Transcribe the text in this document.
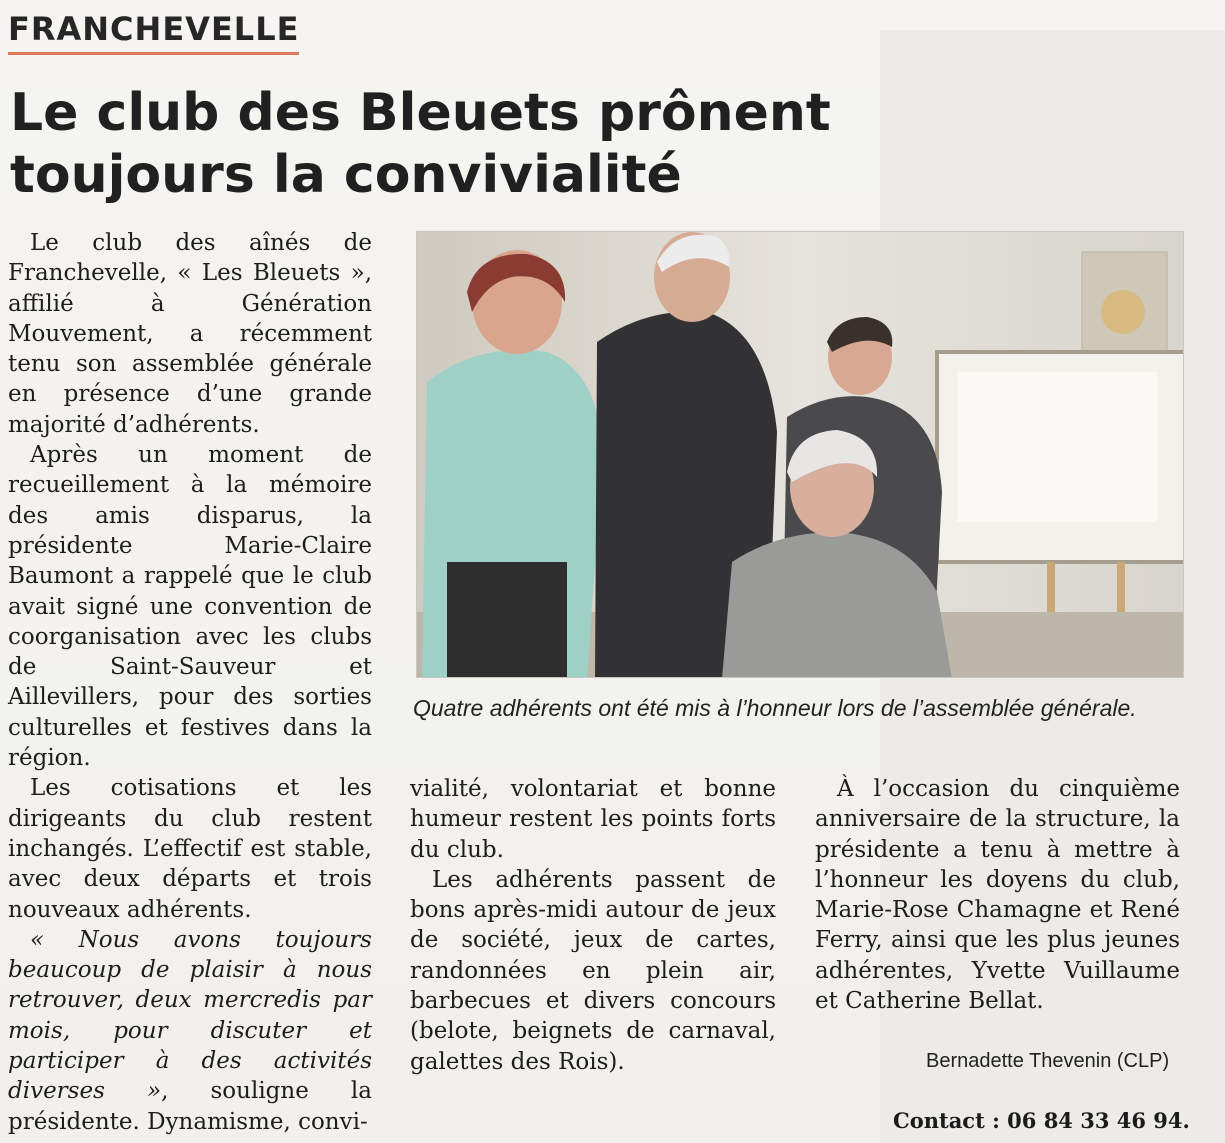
FRANCHEVELLE
Le club des Bleuets prônent
toujours la convivialité

Le club des aînés de Franchevelle, « Les Bleuets », affilié à Génération Mouvement, a récemment tenu son assemblée générale en présence d’une grande majorité d’adhérents.

Après un moment de recueillement à la mémoire des amis disparus, la présidente Marie-Claire Baumont a rappelé que le club avait signé une convention de coorganisation avec les clubs de Saint-Sauveur et Aillevillers, pour des sorties culturelles et festives dans la région.

Les cotisations et les dirigeants du club restent inchangés. L’effectif est stable, avec deux départs et trois nouveaux adhérents.

« Nous avons toujours beaucoup de plaisir à nous retrouver, deux mercredis par mois, pour discuter et participer à des activités diverses », souligne la présidente. Dynamisme, convi-

Quatre adhérents ont été mis à l’honneur lors de l’assemblée générale.

vialité, volontariat et bonne humeur restent les points forts du club.

Les adhérents passent de bons après-midi autour de jeux de société, jeux de cartes, randonnées en plein air, barbecues et divers concours (belote, beignets de carnaval, galettes des Rois).

À l’occasion du cinquième anniversaire de la structure, la présidente a tenu à mettre à l’honneur les doyens du club, Marie-Rose Chamagne et René Ferry, ainsi que les plus jeunes adhérentes, Yvette Vuillaume et Catherine Bellat.

Bernadette Thevenin (CLP)
Contact : 06 84 33 46 94.
